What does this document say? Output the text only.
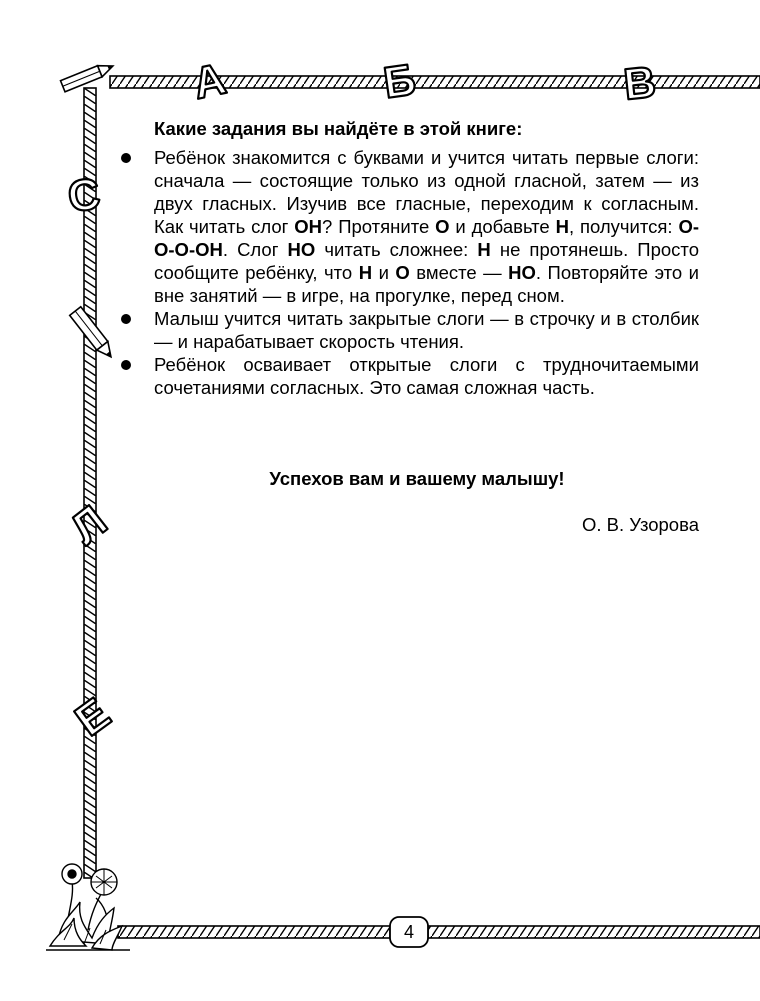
А	Б	В
С
Л
Е
Какие задания вы найдёте в этой книге:

Ребёнок знакомится с буквами и учится читать первые слоги: сначала — состоящие только из одной гласной, затем — из двух гласных. Изучив все гласные, переходим к согласным. Как читать слог ОН? Протяните О и добавьте Н, получится: О-О-О-ОН. Слог НО читать сложнее: Н не протянешь. Просто сообщите ребёнку, что Н и О вместе — НО. Повторяйте это и вне занятий — в игре, на прогулке, перед сном.

Малыш учится читать закрытые слоги — в строчку и в столбик — и нарабатывает скорость чтения.

Ребёнок осваивает открытые слоги с трудночитаемыми сочетаниями согласных. Это самая сложная часть.

Успехов вам и вашему малышу!
О. В. Узорова
4
